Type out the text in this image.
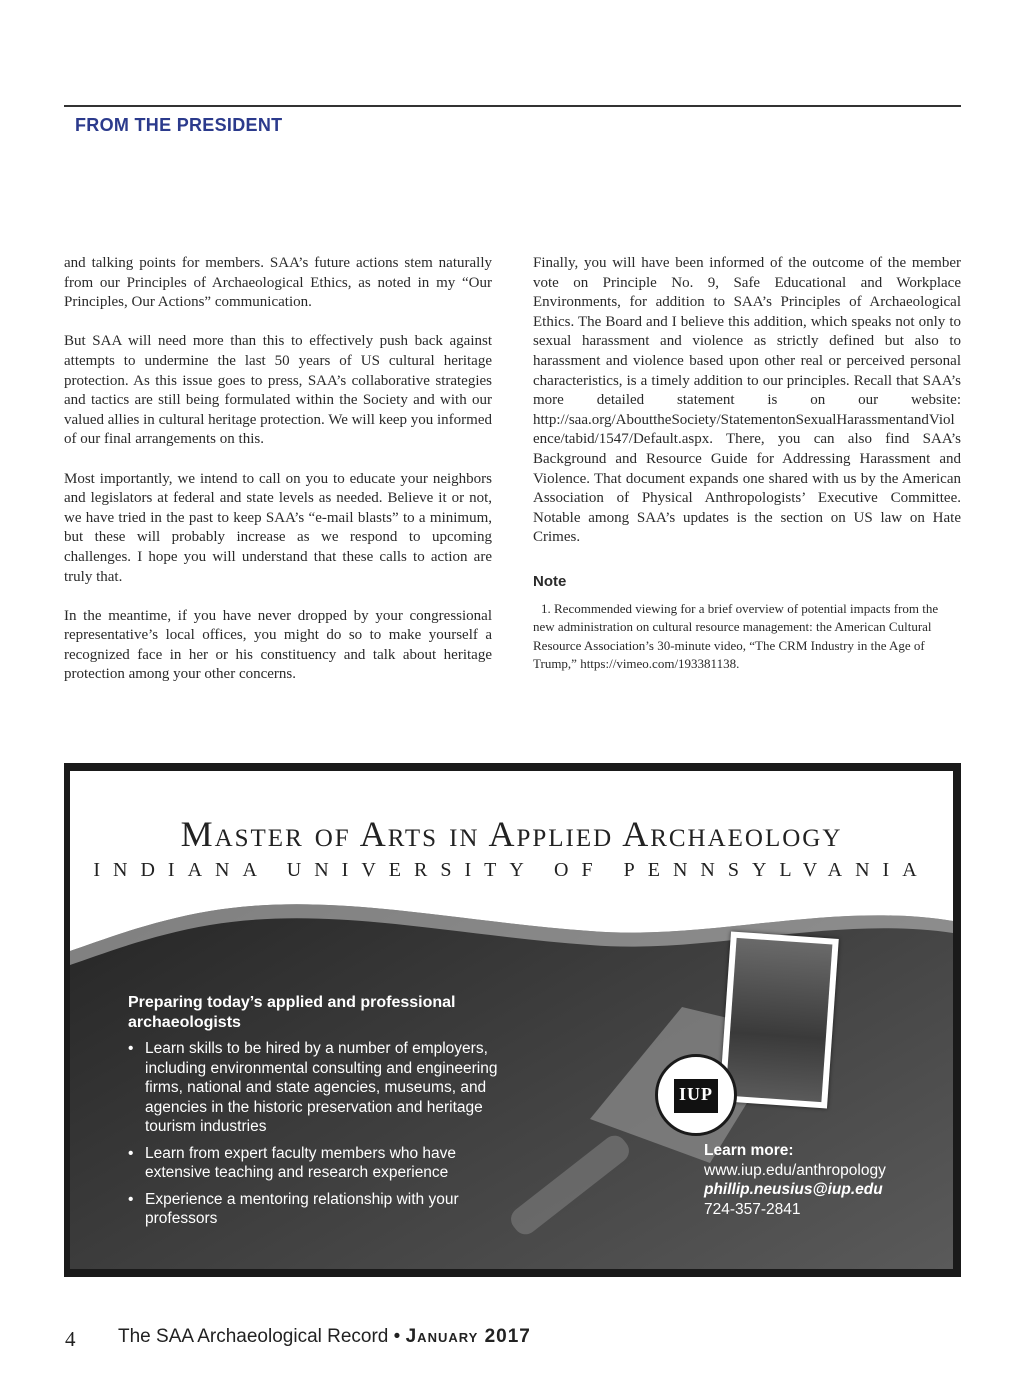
FROM THE PRESIDENT

and talking points for members. SAA’s future actions stem naturally from our Principles of Archaeological Ethics, as noted in my “Our Principles, Our Actions” communication.

But SAA will need more than this to effectively push back against attempts to undermine the last 50 years of US cultural heritage protection. As this issue goes to press, SAA’s collaborative strategies and tactics are still being formulated within the Society and with our valued allies in cultural heritage protection. We will keep you informed of our final arrangements on this.

Most importantly, we intend to call on you to educate your neighbors and legislators at federal and state levels as needed. Believe it or not, we have tried in the past to keep SAA’s “e-mail blasts” to a minimum, but these will probably increase as we respond to upcoming challenges. I hope you will understand that these calls to action are truly that.

In the meantime, if you have never dropped by your congressional representative’s local offices, you might do so to make yourself a recognized face in her or his constituency and talk about heritage protection among your other concerns.

Finally, you will have been informed of the outcome of the member vote on Principle No. 9, Safe Educational and Workplace Environments, for addition to SAA’s Principles of Archaeological Ethics. The Board and I believe this addition, which speaks not only to sexual harassment and violence as strictly defined but also to harassment and violence based upon other real or perceived personal characteristics, is a timely addition to our principles. Recall that SAA’s more detailed statement is on our website: http://saa.org/AbouttheSociety/StatementonSexualHarassmentandViolence/tabid/1547/Default.aspx. There, you can also find SAA’s Background and Resource Guide for Addressing Harassment and Violence. That document expands one shared with us by the American Association of Physical Anthropologists’ Executive Committee. Notable among SAA’s updates is the section on US law on Hate Crimes.

Note

1. Recommended viewing for a brief overview of potential impacts from the new administration on cultural resource management: the American Cultural Resource Association’s 30-minute video, “The CRM Industry in the Age of Trump,” https://vimeo.com/193381138.

Master of Arts in Applied Archaeology
INDIANA UNIVERSITY OF PENNSYLVANIA
Preparing today’s applied and professional archaeologists
• Learn skills to be hired by a number of employers, including environmental consulting and engineering firms, national and state agencies, museums, and agencies in the historic preservation and heritage tourism industries
• Learn from expert faculty members who have extensive teaching and research experience
• Experience a mentoring relationship with your professors
IUP
Learn more:
www.iup.edu/anthropology
phillip.neusius@iup.edu
724-357-2841
4 The SAA Archaeological Record • January 2017
